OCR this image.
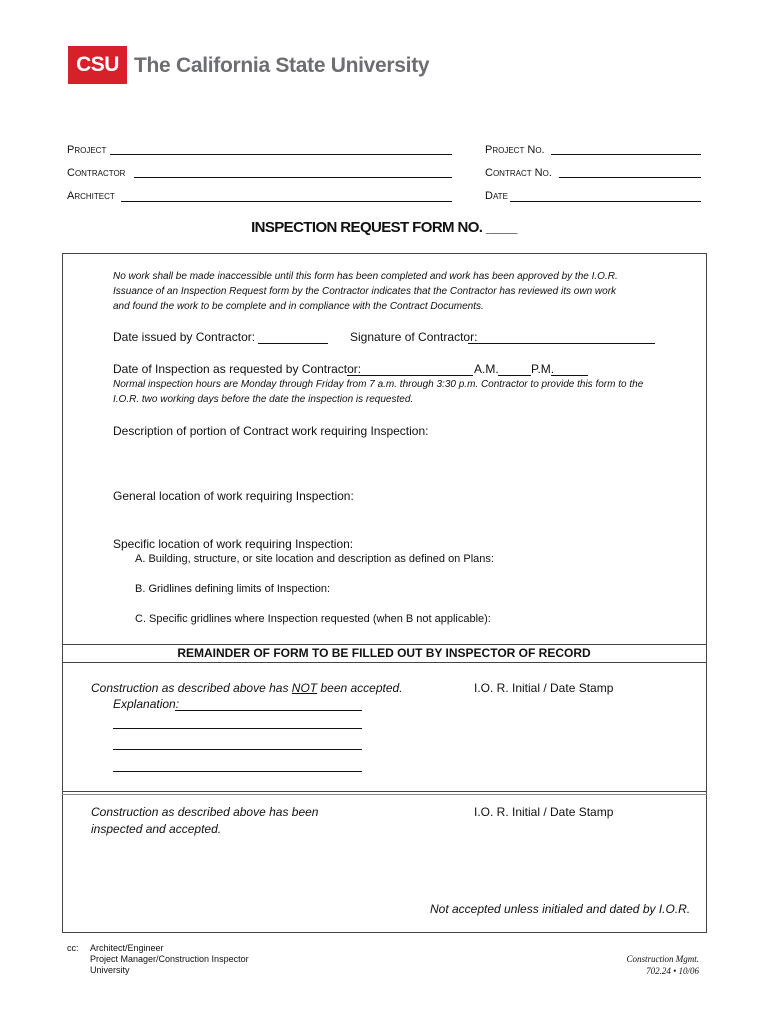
CSU The California State University
Project
Contractor
Architect
Project No.
Contract No.
Date
INSPECTION REQUEST FORM NO. ____
No work shall be made inaccessible until this form has been completed and work has been approved by the I.O.R.
Issuance of an Inspection Request form by the Contractor indicates that the Contractor has reviewed its own work
and found the work to be complete and in compliance with the Contract Documents.
Date issued by Contractor:	Signature of Contractor:
Date of Inspection as requested by Contractor:	A.M.	P.M.
Normal inspection hours are Monday through Friday from 7 a.m. through 3:30 p.m. Contractor to provide this form to the
I.O.R. two working days before the date the inspection is requested.
Description of portion of Contract work requiring Inspection:
General location of work requiring Inspection:
Specific location of work requiring Inspection:
A. Building, structure, or site location and description as defined on Plans:
B. Gridlines defining limits of Inspection:
C. Specific gridlines where Inspection requested (when B not applicable):
REMAINDER OF FORM TO BE FILLED OUT BY INSPECTOR OF RECORD
Construction as described above has NOT been accepted.
Explanation:
I.O. R. Initial / Date Stamp
Construction as described above has been
inspected and accepted.
I.O. R. Initial / Date Stamp
Not accepted unless initialed and dated by I.O.R.
cc: Architect/Engineer
Project Manager/Construction Inspector
University
Construction Mgmt.
702.24 • 10/06
